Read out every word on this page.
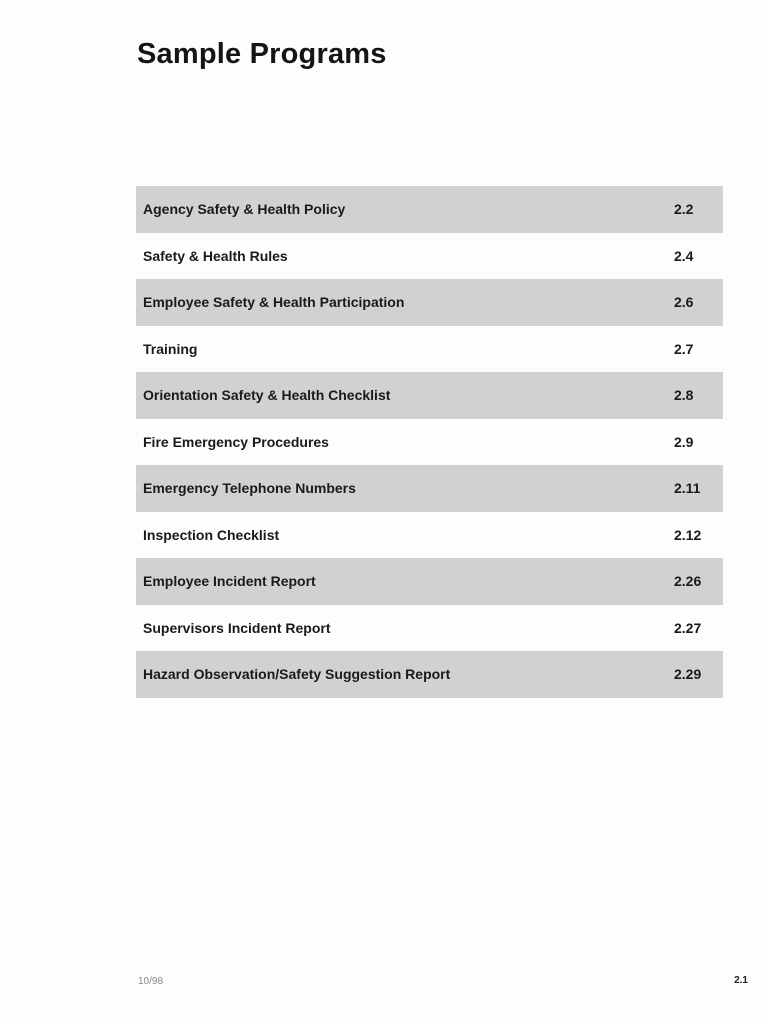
Sample Programs
Agency Safety & Health Policy	2.2
Safety & Health Rules	2.4
Employee Safety & Health Participation	2.6
Training	2.7
Orientation Safety & Health Checklist	2.8
Fire Emergency Procedures	2.9
Emergency Telephone Numbers	2.11
Inspection Checklist	2.12
Employee Incident Report	2.26
Supervisors Incident Report	2.27
Hazard Observation/Safety Suggestion Report	2.29
10/98	2.1
